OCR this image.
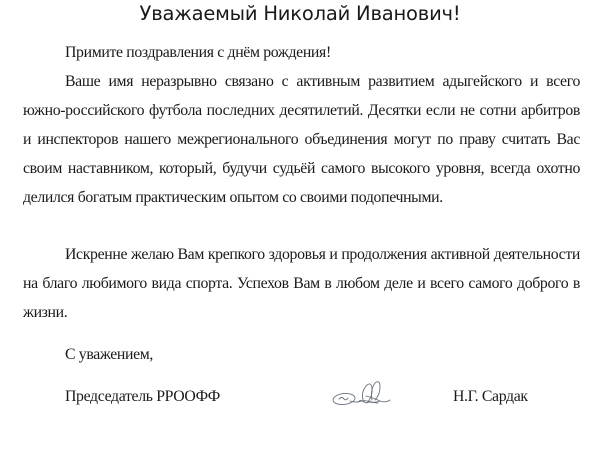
Уважаемый Николай Иванович!

Примите поздравления с днём рождения!

Ваше имя неразрывно связано с активным развитием адыгейского и всего южно-российского футбола последних десятилетий. Десятки если не сотни арбитров и инспекторов нашего межрегионального объединения могут по праву считать Вас своим наставником, который, будучи судьёй самого высокого уровня, всегда охотно делился богатым практическим опытом со своими подопечными.

Искренне желаю Вам крепкого здоровья и продолжения активной деятельности на благо любимого вида спорта. Успехов Вам в любом деле и всего самого доброго в жизни.

С уважением,
Председатель РРООФФ	Н.Г. Сардак
